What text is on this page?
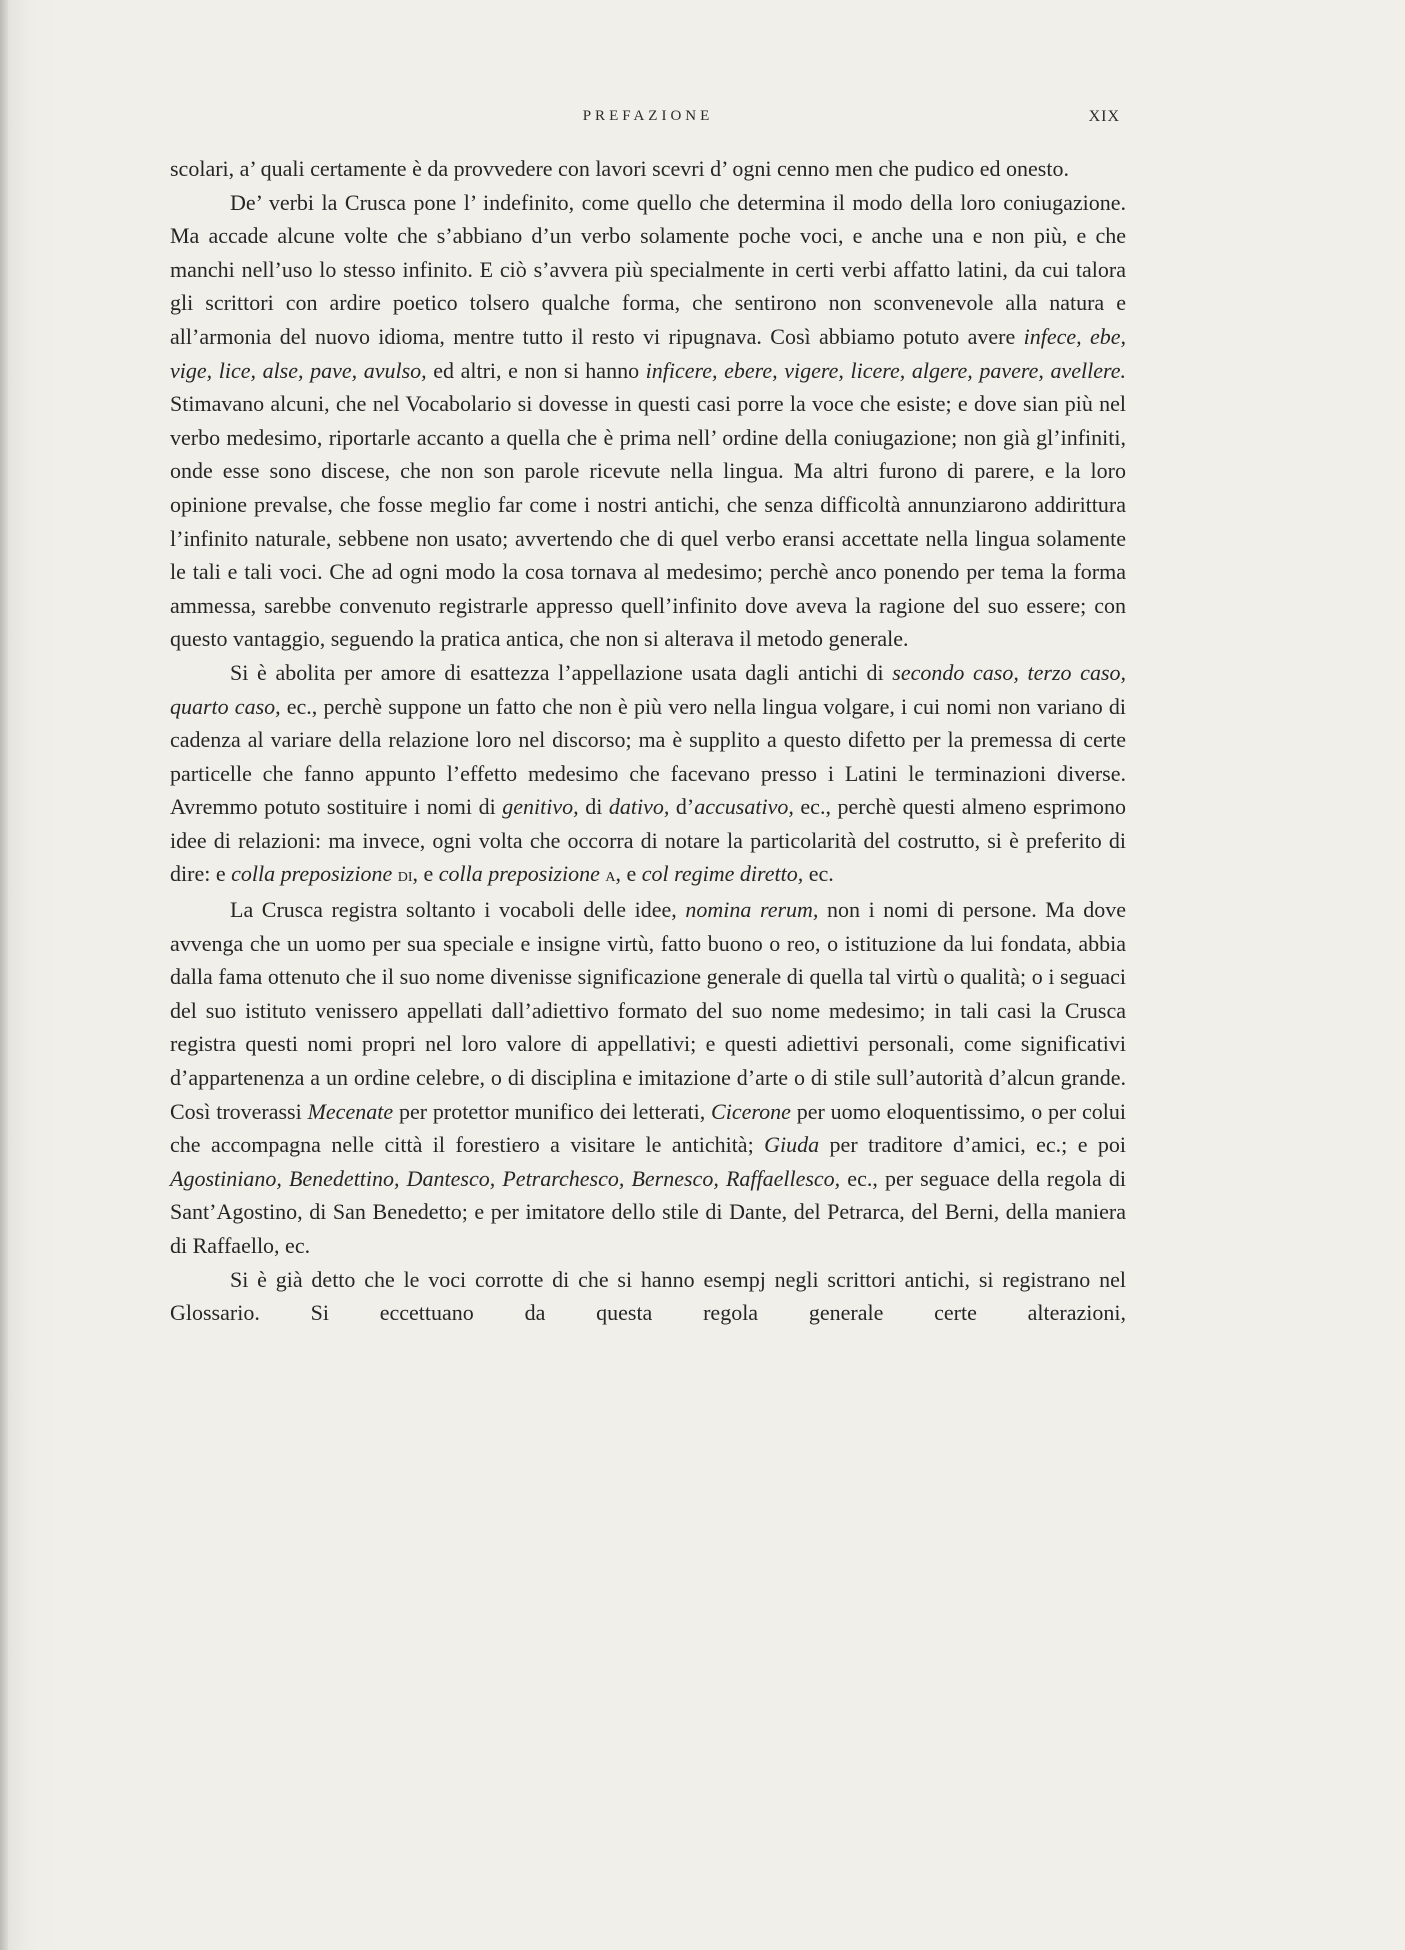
PREFAZIONE	XIX

scolari, a’ quali certamente è da provvedere con lavori scevri d’ ogni cenno men che pudico ed onesto.

De’ verbi la Crusca pone l’ indefinito, come quello che determina il modo della loro coniugazione. Ma accade alcune volte che s’abbiano d’un verbo solamente poche voci, e anche una e non più, e che manchi nell’uso lo stesso infinito. E ciò s’avvera più specialmente in certi verbi affatto latini, da cui talora gli scrittori con ardire poetico tolsero qualche forma, che sentirono non sconvenevole alla natura e all’armonia del nuovo idioma, mentre tutto il resto vi ripugnava. Così abbiamo potuto avere infece, ebe, vige, lice, alse, pave, avulso, ed altri, e non si hanno inficere, ebere, vigere, licere, algere, pavere, avellere. Stimavano alcuni, che nel Vocabolario si dovesse in questi casi porre la voce che esiste; e dove sian più nel verbo medesimo, riportarle accanto a quella che è prima nell’ ordine della coniugazione; non già gl’infiniti, onde esse sono discese, che non son parole ricevute nella lingua. Ma altri furono di parere, e la loro opinione prevalse, che fosse meglio far come i nostri antichi, che senza difficoltà annunziarono addirittura l’infinito naturale, sebbene non usato; avvertendo che di quel verbo eransi accettate nella lingua solamente le tali e tali voci. Che ad ogni modo la cosa tornava al medesimo; perchè anco ponendo per tema la forma ammessa, sarebbe convenuto registrarle appresso quell’infinito dove aveva la ragione del suo essere; con questo vantaggio, seguendo la pratica antica, che non si alterava il metodo generale.

Si è abolita per amore di esattezza l’appellazione usata dagli antichi di secondo caso, terzo caso, quarto caso, ec., perchè suppone un fatto che non è più vero nella lingua volgare, i cui nomi non variano di cadenza al variare della relazione loro nel discorso; ma è supplito a questo difetto per la premessa di certe particelle che fanno appunto l’effetto medesimo che facevano presso i Latini le terminazioni diverse. Avremmo potuto sostituire i nomi di genitivo, di dativo, d’accusativo, ec., perchè questi almeno esprimono idee di relazioni: ma invece, ogni volta che occorra di notare la particolarità del costrutto, si è preferito di dire: e colla preposizione di, e colla preposizione a, e col regime diretto, ec.

La Crusca registra soltanto i vocaboli delle idee, nomina rerum, non i nomi di persone. Ma dove avvenga che un uomo per sua speciale e insigne virtù, fatto buono o reo, o istituzione da lui fondata, abbia dalla fama ottenuto che il suo nome divenisse significazione generale di quella tal virtù o qualità; o i seguaci del suo istituto venissero appellati dall’adiettivo formato del suo nome medesimo; in tali casi la Crusca registra questi nomi propri nel loro valore di appellativi; e questi adiettivi personali, come significativi d’appartenenza a un ordine celebre, o di disciplina e imitazione d’arte o di stile sull’autorità d’alcun grande. Così troverassi Mecenate per protettor munifico dei letterati, Cicerone per uomo eloquentissimo, o per colui che accompagna nelle città il forestiero a visitare le antichità; Giuda per traditore d’amici, ec.; e poi Agostiniano, Benedettino, Dantesco, Petrarchesco, Bernesco, Raffaellesco, ec., per seguace della regola di Sant’Agostino, di San Benedetto; e per imitatore dello stile di Dante, del Petrarca, del Berni, della maniera di Raffaello, ec.

Si è già detto che le voci corrotte di che si hanno esempj negli scrittori antichi, si registrano nel Glossario. Si eccettuano da questa regola generale certe alterazioni,
